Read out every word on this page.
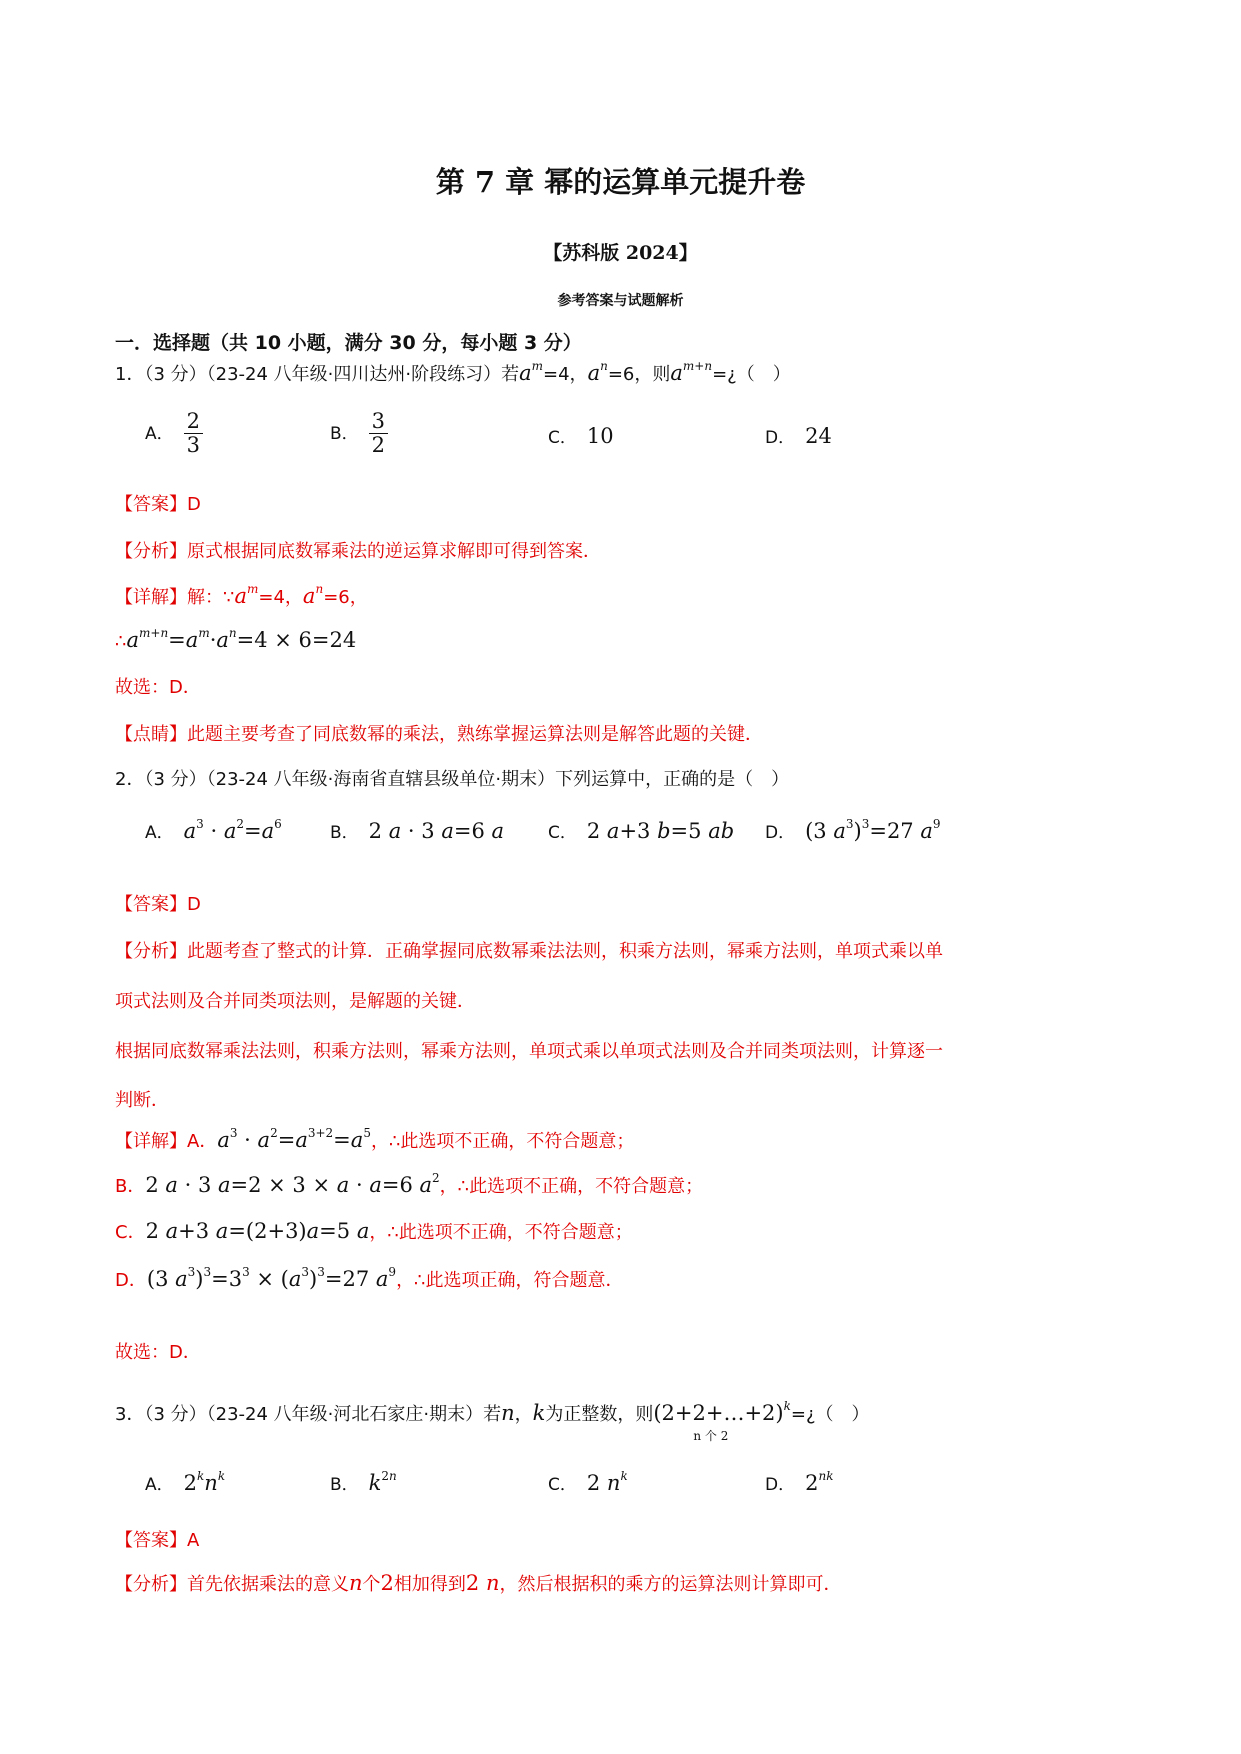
第 7 章 幂的运算单元提升卷
【苏科版 2024】
参考答案与试题解析
一．选择题（共 10 小题，满分 30 分，每小题 3 分）
1．（3 分）（23-24 八年级·四川达州·阶段练习）若$a^m=4$，$a^n=6$，则$a^{m+n}=¿$（　）
A． $\frac{2}{3}$	B． $\frac{3}{2}$	C． 10	D． 24
【答案】D
【分析】原式根据同底数幂乘法的逆运算求解即可得到答案．
【详解】解：$\because a^m=4$，$a^n=6$，
$\therefore a^{m+n}=a^m\cdot a^n=4 \times 6=24$
故选：D．
【点睛】此题主要考查了同底数幂的乘法，熟练掌握运算法则是解答此题的关键．
2．（3 分）（23-24 八年级·海南省直辖县级单位·期末）下列运算中，正确的是（　）
A． $a^3 \cdot a^2=a^6$	B． 2 a · 3 a=6 a	C． 2 a+3 b=5 ab D． (3 $a^3)^3=27$ $a^9$
【答案】D
【分析】此题考查了整式的计算．正确掌握同底数幂乘法法则，积乘方法则，幂乘方法则，单项式乘以单
项式法则及合并同类项法则，是解题的关键．
根据同底数幂乘法法则，积乘方法则，幂乘方法则，单项式乘以单项式法则及合并同类项法则，计算逐一
判断．
【详解】A．$a^3 \cdot a^2=a^{3+2}=a^5$，∴此选项不正确，不符合题意；
B．2 a · 3 a=2 × 3 × a · a=6 $a^2$，∴此选项不正确，不符合题意；
C．2 a+3 a=(2+3)a=5 a，∴此选项不正确，不符合题意；
D．(3 $a^3)^3=3^3 \times (a^3)^3=27$ $a^9$，∴此选项正确，符合题意．
故选：D．
3．（3 分）（23-24 八年级·河北石家庄·期末）若n，k为正整数，则(2+2+…+2)$^k$
n 个 2
=¿（　）
A． $2^kn^k$	B． $k^{2n}$	C． 2 $n^k$	D． $2^{nk}$
【答案】A
【分析】首先依据乘法的意义n个2相加得到2 n，然后根据积的乘方的运算法则计算即可．
